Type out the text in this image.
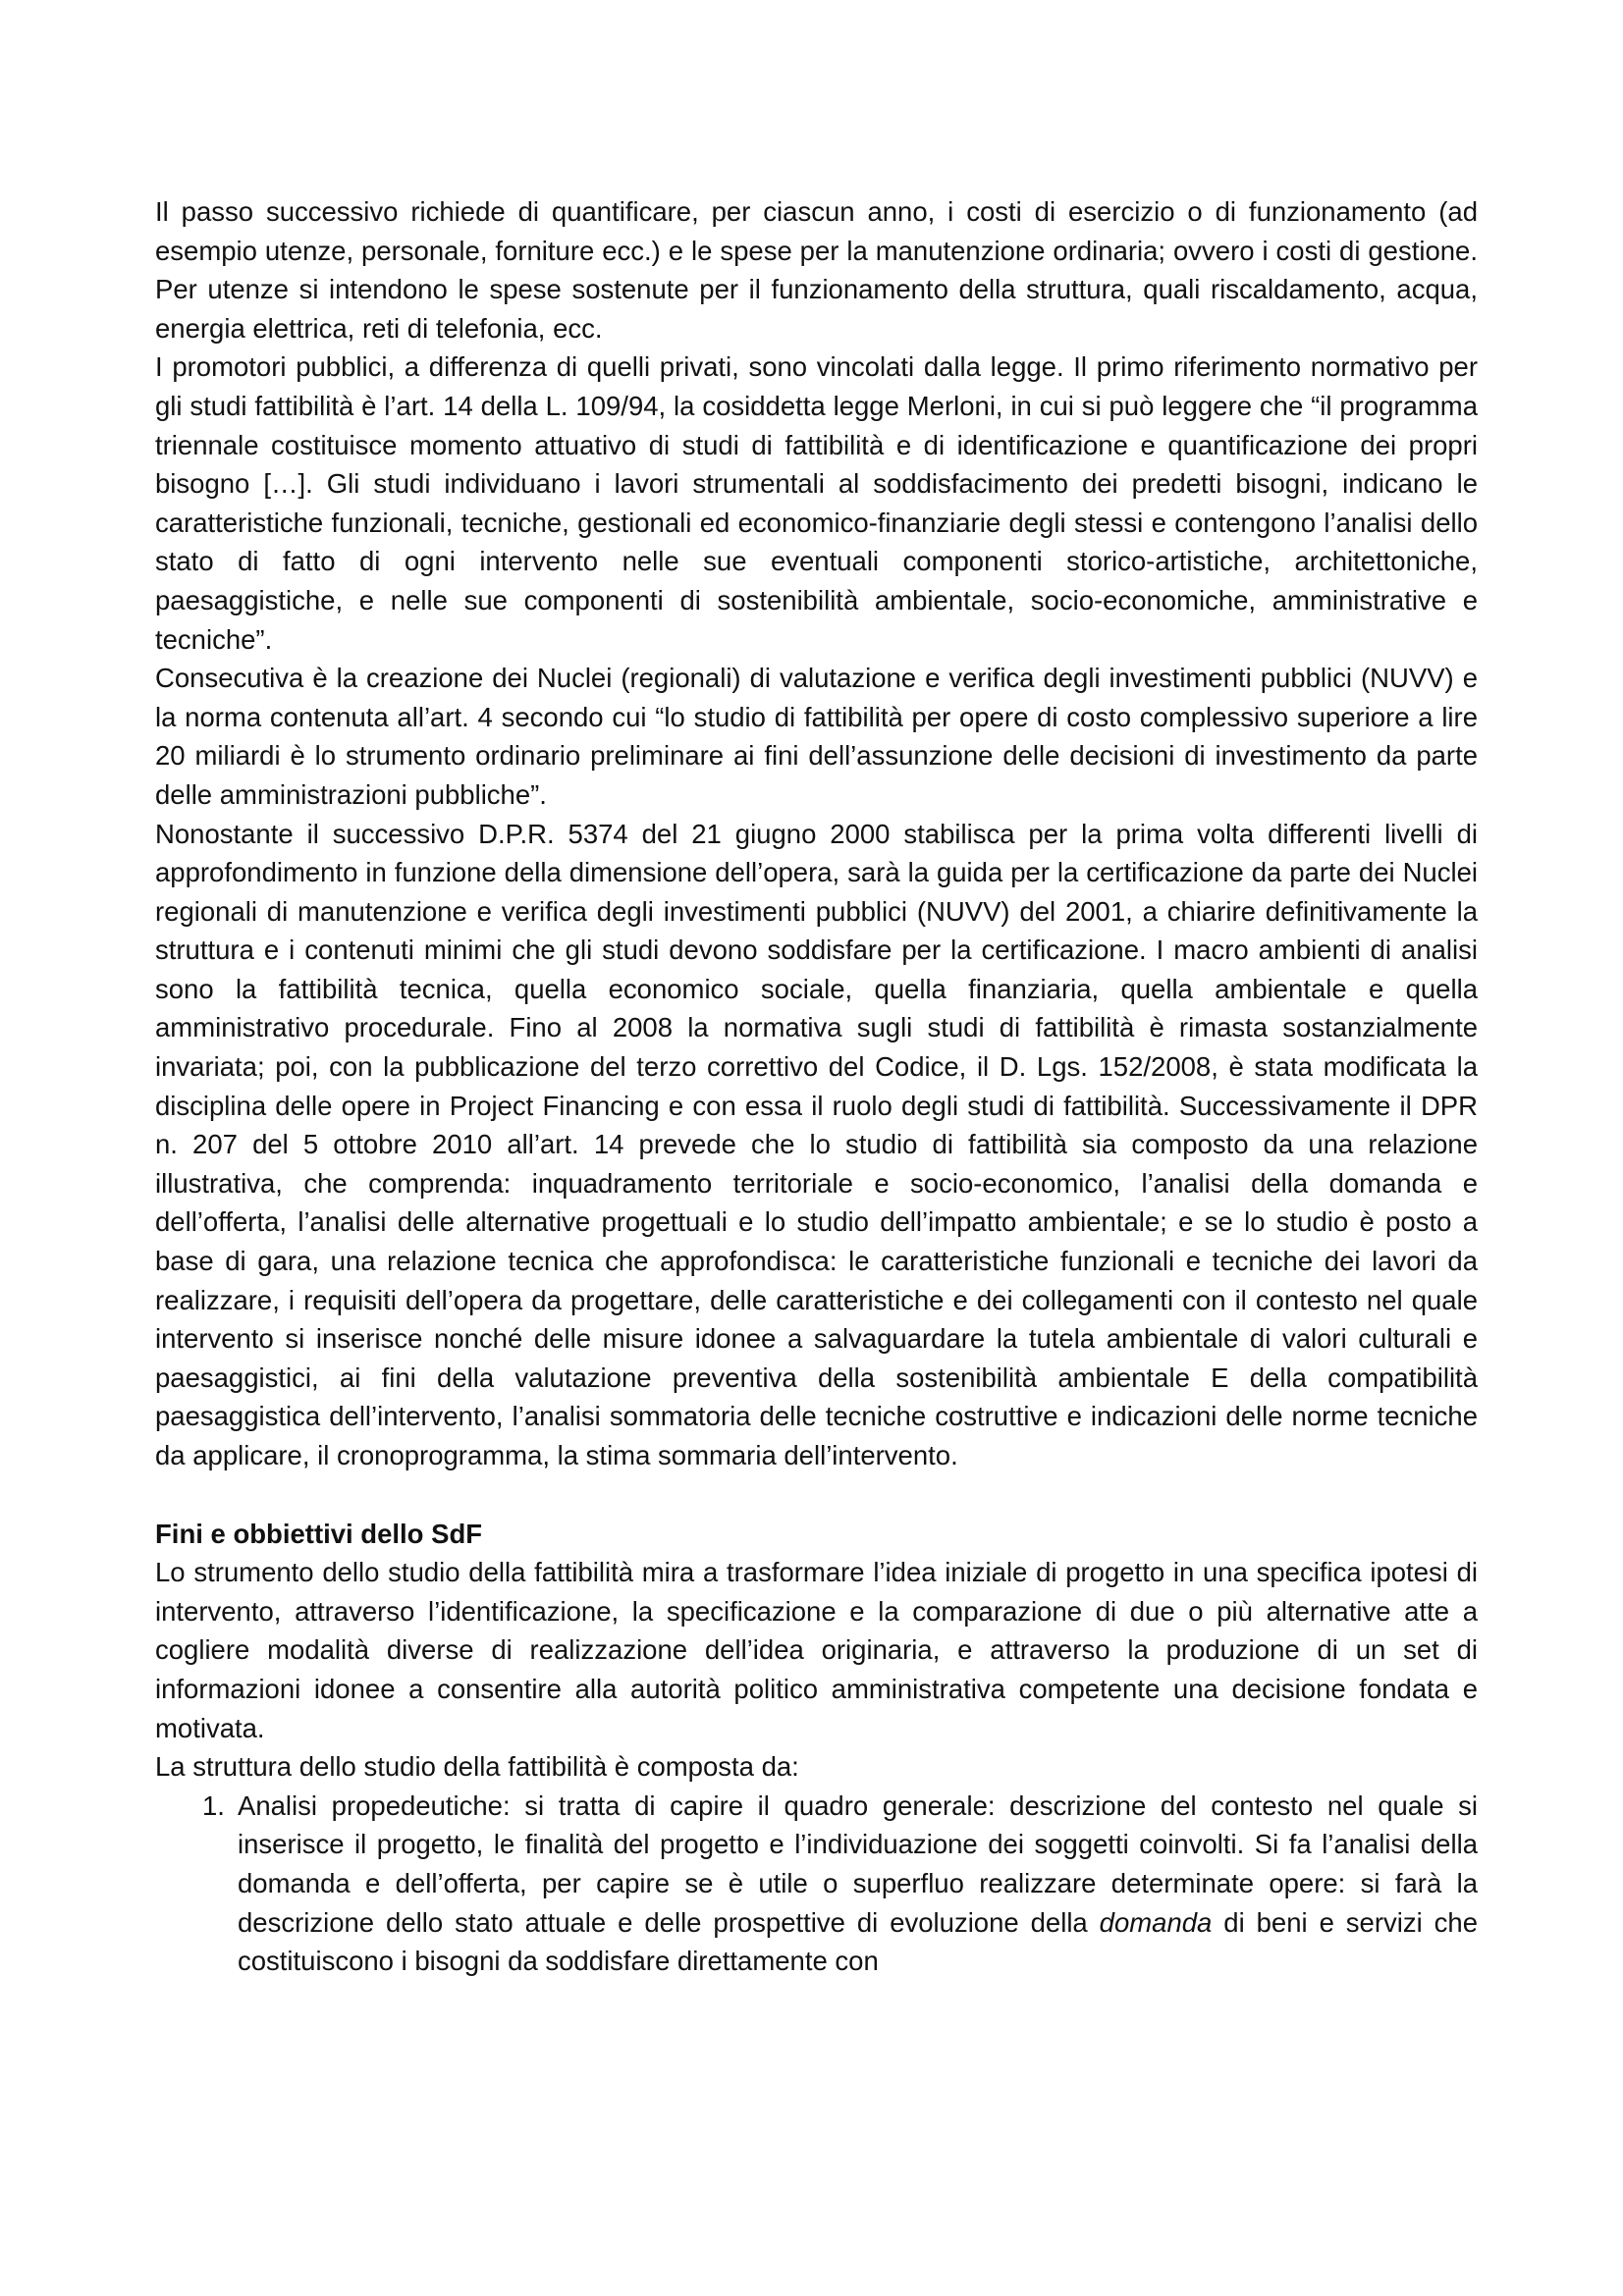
Il passo successivo richiede di quantificare, per ciascun anno, i costi di esercizio o di funzionamento (ad esempio utenze, personale, forniture ecc.) e le spese per la manutenzione ordinaria; ovvero i costi di gestione. Per utenze si intendono le spese sostenute per il funzionamento della struttura, quali riscaldamento, acqua, energia elettrica, reti di telefonia, ecc.

I promotori pubblici, a differenza di quelli privati, sono vincolati dalla legge. Il primo riferimento normativo per gli studi fattibilità è l’art. 14 della L. 109/94, la cosiddetta legge Merloni, in cui si può leggere che “il programma triennale costituisce momento attuativo di studi di fattibilità e di identificazione e quantificazione dei propri bisogno […]. Gli studi individuano i lavori strumentali al soddisfacimento dei predetti bisogni, indicano le caratteristiche funzionali, tecniche, gestionali ed economico-finanziarie degli stessi e contengono l’analisi dello stato di fatto di ogni intervento nelle sue eventuali componenti storico-artistiche, architettoniche, paesaggistiche, e nelle sue componenti di sostenibilità ambientale, socio-economiche, amministrative e tecniche”.

Consecutiva è la creazione dei Nuclei (regionali) di valutazione e verifica degli investimenti pubblici (NUVV) e la norma contenuta all’art. 4 secondo cui “lo studio di fattibilità per opere di costo complessivo superiore a lire 20 miliardi è lo strumento ordinario preliminare ai fini dell’assunzione delle decisioni di investimento da parte delle amministrazioni pubbliche”.

Nonostante il successivo D.P.R. 5374 del 21 giugno 2000 stabilisca per la prima volta differenti livelli di approfondimento in funzione della dimensione dell’opera, sarà la guida per la certificazione da parte dei Nuclei regionali di manutenzione e verifica degli investimenti pubblici (NUVV) del 2001, a chiarire definitivamente la struttura e i contenuti minimi che gli studi devono soddisfare per la certificazione. I macro ambienti di analisi sono la fattibilità tecnica, quella economico sociale, quella finanziaria, quella ambientale e quella amministrativo procedurale. Fino al 2008 la normativa sugli studi di fattibilità è rimasta sostanzialmente invariata; poi, con la pubblicazione del terzo correttivo del Codice, il D. Lgs. 152/2008, è stata modificata la disciplina delle opere in Project Financing e con essa il ruolo degli studi di fattibilità. Successivamente il DPR n. 207 del 5 ottobre 2010 all’art. 14 prevede che lo studio di fattibilità sia composto da una relazione illustrativa, che comprenda: inquadramento territoriale e socio-economico, l’analisi della domanda e dell’offerta, l’analisi delle alternative progettuali e lo studio dell’impatto ambientale; e se lo studio è posto a base di gara, una relazione tecnica che approfondisca: le caratteristiche funzionali e tecniche dei lavori da realizzare, i requisiti dell’opera da progettare, delle caratteristiche e dei collegamenti con il contesto nel quale intervento si inserisce nonché delle misure idonee a salvaguardare la tutela ambientale di valori culturali e paesaggistici, ai fini della valutazione preventiva della sostenibilità ambientale E della compatibilità paesaggistica dell’intervento, l’analisi sommatoria delle tecniche costruttive e indicazioni delle norme tecniche da applicare, il cronoprogramma, la stima sommaria dell’intervento.

Fini e obbiettivi dello SdF

Lo strumento dello studio della fattibilità mira a trasformare l’idea iniziale di progetto in una specifica ipotesi di intervento, attraverso l’identificazione, la specificazione e la comparazione di due o più alternative atte a cogliere modalità diverse di realizzazione dell’idea originaria, e attraverso la produzione di un set di informazioni idonee a consentire alla autorità politico amministrativa competente una decisione fondata e motivata.

La struttura dello studio della fattibilità è composta da:

1. Analisi propedeutiche: si tratta di capire il quadro generale: descrizione del contesto nel quale si inserisce il progetto, le finalità del progetto e l’individuazione dei soggetti coinvolti. Si fa l’analisi della domanda e dell’offerta, per capire se è utile o superfluo realizzare determinate opere: si farà la descrizione dello stato attuale e delle prospettive di evoluzione della domanda di beni e servizi che costituiscono i bisogni da soddisfare direttamente con
